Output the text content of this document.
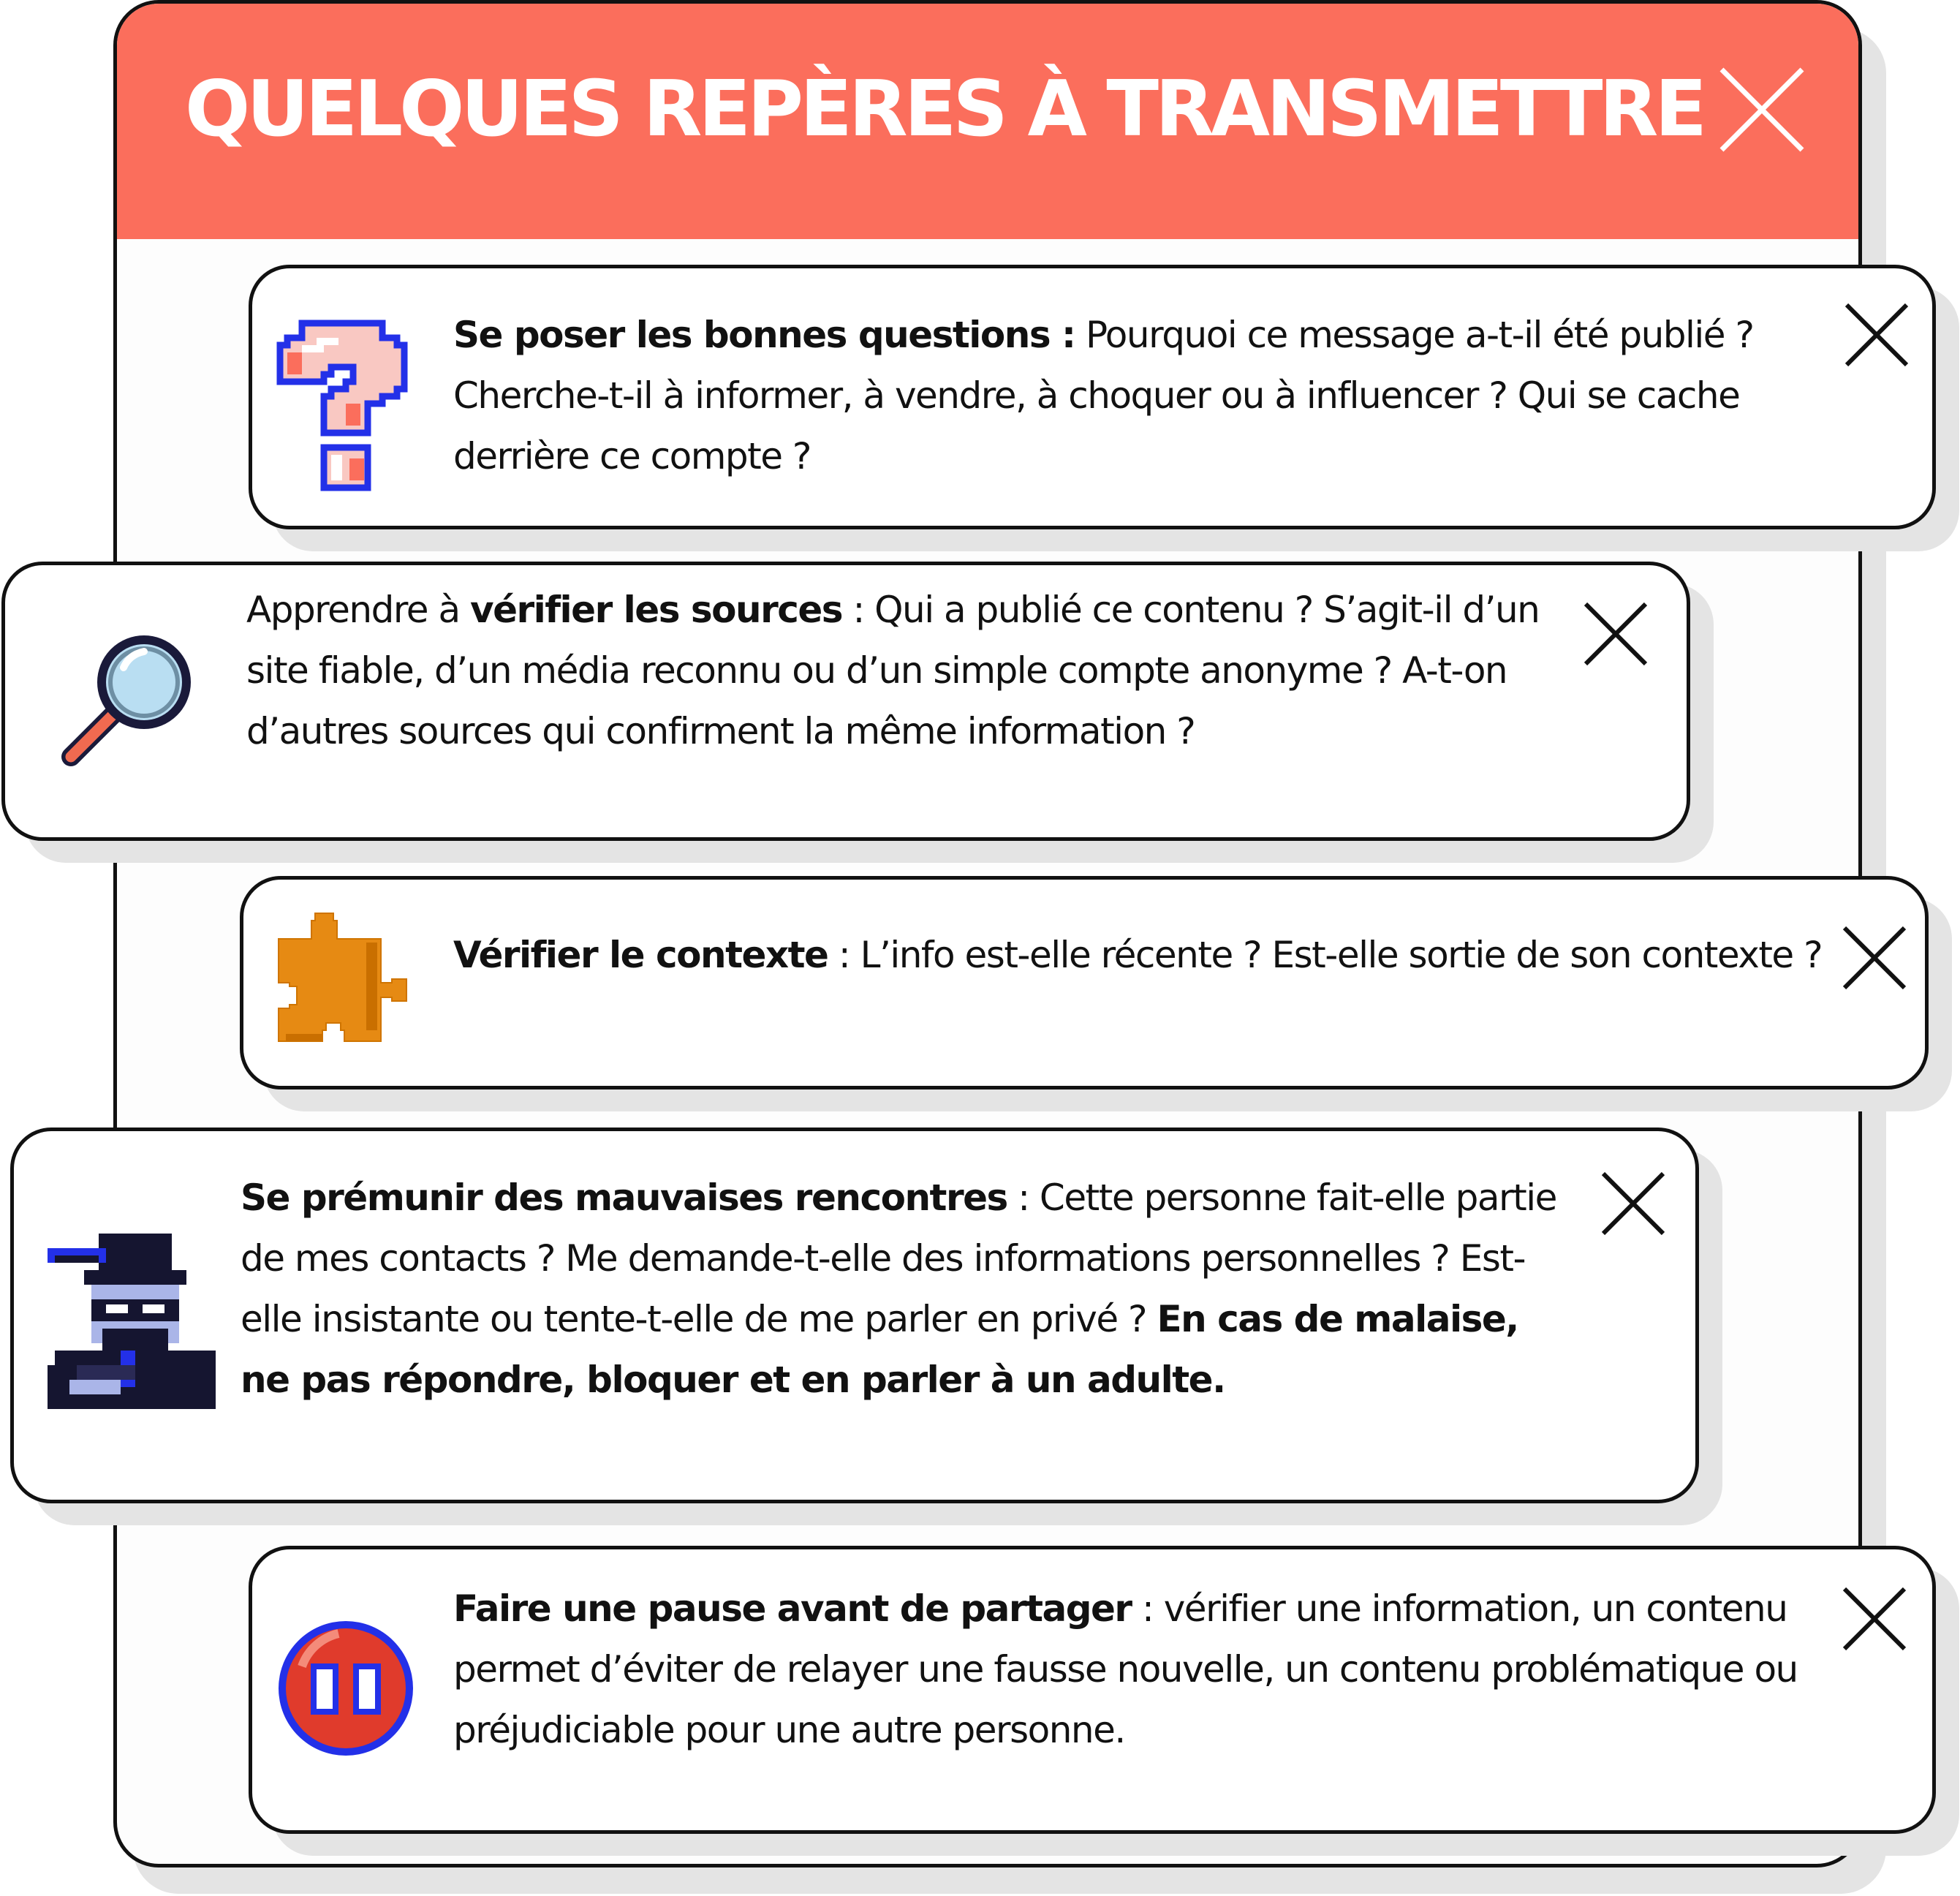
QUELQUES REPÈRES À TRANSMETTRE

Se poser les bonnes questions : Pourquoi ce message a-t-il été publié ? Cherche-t-il à informer, à vendre, à choquer ou à influencer ? Qui se cache derrière ce compte ?

Apprendre à vérifier les sources : Qui a publié ce contenu ? S’agit-il d’un site fiable, d’un média reconnu ou d’un simple compte anonyme ? A-t-on d’autres sources qui confirment la même information ?

Vérifier le contexte : L’info est-elle récente ? Est-elle sortie de son contexte ?

Se prémunir des mauvaises rencontres : Cette personne fait-elle partie de mes contacts ? Me demande-t-elle des informations personnelles ? Est-elle insistante ou tente-t-elle de me parler en privé ? En cas de malaise, ne pas répondre, bloquer et en parler à un adulte.

Faire une pause avant de partager : vérifier une information, un contenu permet d’éviter de relayer une fausse nouvelle, un contenu problématique ou préjudiciable pour une autre personne.
